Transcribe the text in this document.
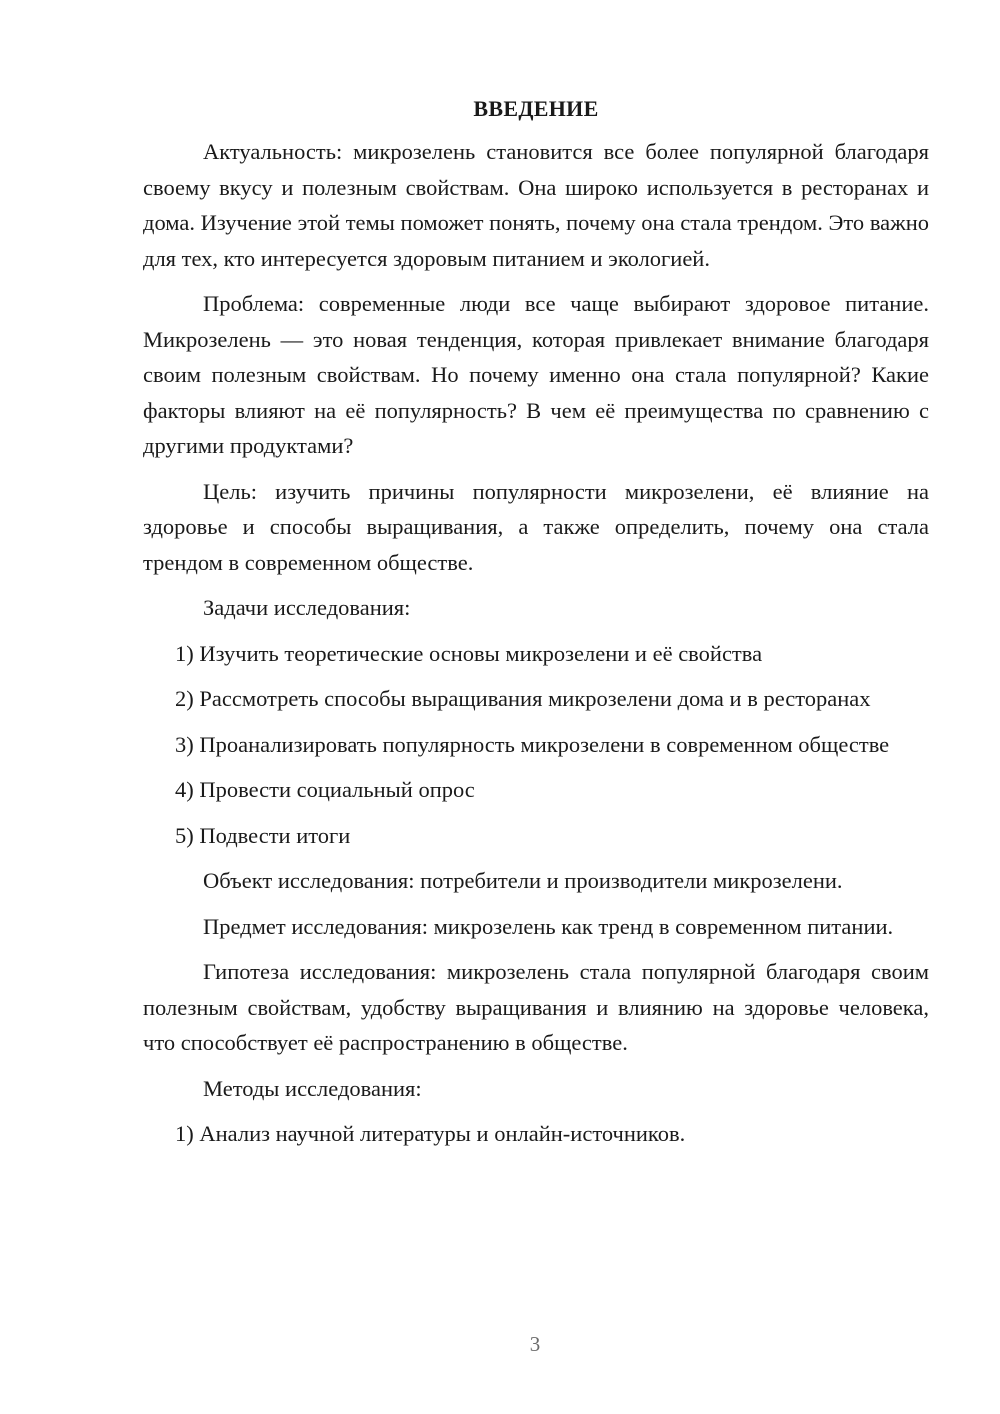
ВВЕДЕНИЕ

Актуальность: микрозелень становится все более популярной благодаря своему вкусу и полезным свойствам. Она широко используется в ресторанах и дома. Изучение этой темы поможет понять, почему она стала трендом. Это важно для тех, кто интересуется здоровым питанием и экологией.

Проблема: современные люди все чаще выбирают здоровое питание. Микрозелень — это новая тенденция, которая привлекает внимание благодаря своим полезным свойствам. Но почему именно она стала популярной? Какие факторы влияют на её популярность? В чем её преимущества по сравнению с другими продуктами?

Цель: изучить причины популярности микрозелени, её влияние на здоровье и способы выращивания, а также определить, почему она стала трендом в современном обществе.

Задачи исследования:

1) Изучить теоретические основы микрозелени и её свойства

2) Рассмотреть способы выращивания микрозелени дома и в ресторанах

3) Проанализировать популярность микрозелени в современном обществе

4) Провести социальный опрос

5) Подвести итоги

Объект исследования: потребители и производители микрозелени.

Предмет исследования: микрозелень как тренд в современном питании.

Гипотеза исследования: микрозелень стала популярной благодаря своим полезным свойствам, удобству выращивания и влиянию на здоровье человека, что способствует её распространению в обществе.

Методы исследования:

1) Анализ научной литературы и онлайн-источников.

3
